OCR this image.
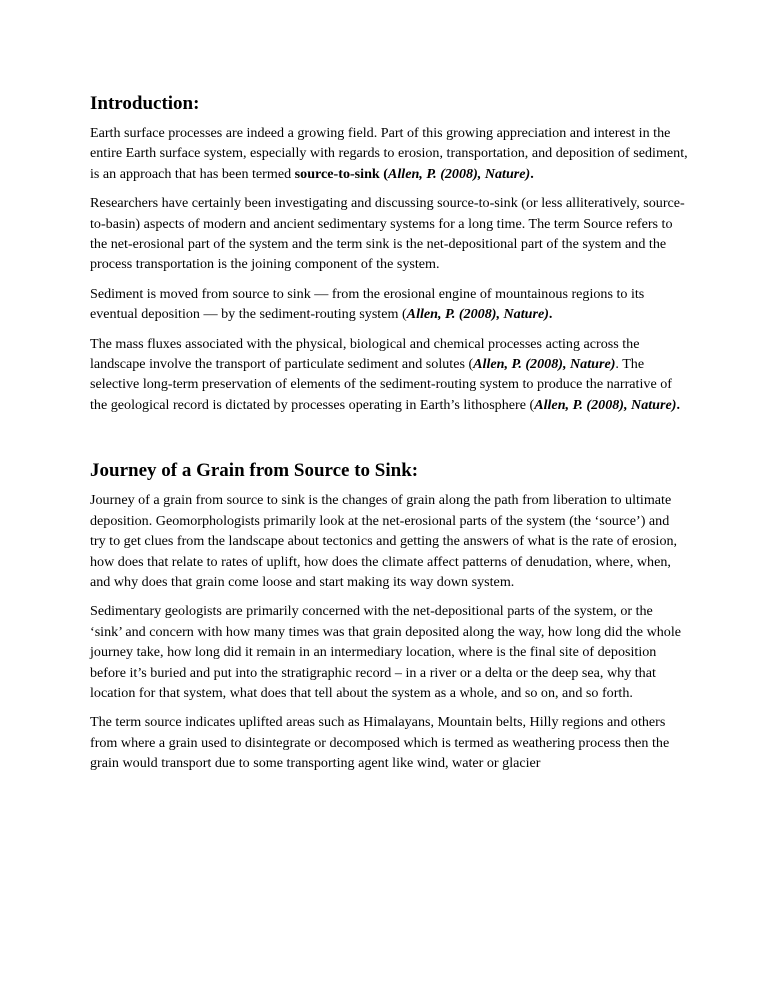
Introduction:

Earth surface processes are indeed a growing field. Part of this growing appreciation and interest in the entire Earth surface system, especially with regards to erosion, transportation, and deposition of sediment, is an approach that has been termed source-to-sink (Allen, P. (2008), Nature).

Researchers have certainly been investigating and discussing source-to-sink (or less alliteratively, source-to-basin) aspects of modern and ancient sedimentary systems for a long time. The term Source refers to the net-erosional part of the system and the term sink is the net-depositional part of the system and the process transportation is the joining component of the system.

Sediment is moved from source to sink — from the erosional engine of mountainous regions to its eventual deposition — by the sediment-routing system (Allen, P. (2008), Nature).

The mass fluxes associated with the physical, biological and chemical processes acting across the landscape involve the transport of particulate sediment and solutes (Allen, P. (2008), Nature). The selective long-term preservation of elements of the sediment-routing system to produce the narrative of the geological record is dictated by processes operating in Earth’s lithosphere (Allen, P. (2008), Nature).

Journey of a Grain from Source to Sink:

Journey of a grain from source to sink is the changes of grain along the path from liberation to ultimate deposition. Geomorphologists primarily look at the net-erosional parts of the system (the ‘source’) and try to get clues from the landscape about tectonics and getting the answers of what is the rate of erosion, how does that relate to rates of uplift, how does the climate affect patterns of denudation, where, when, and why does that grain come loose and start making its way down system.

Sedimentary geologists are primarily concerned with the net-depositional parts of the system, or the ‘sink’ and concern with how many times was that grain deposited along the way, how long did the whole journey take, how long did it remain in an intermediary location, where is the final site of deposition before it’s buried and put into the stratigraphic record – in a river or a delta or the deep sea, why that location for that system, what does that tell about the system as a whole, and so on, and so forth.

The term source indicates uplifted areas such as Himalayans, Mountain belts, Hilly regions and others from where a grain used to disintegrate or decomposed which is termed as weathering process then the grain would transport due to some transporting agent like wind, water or glacier
